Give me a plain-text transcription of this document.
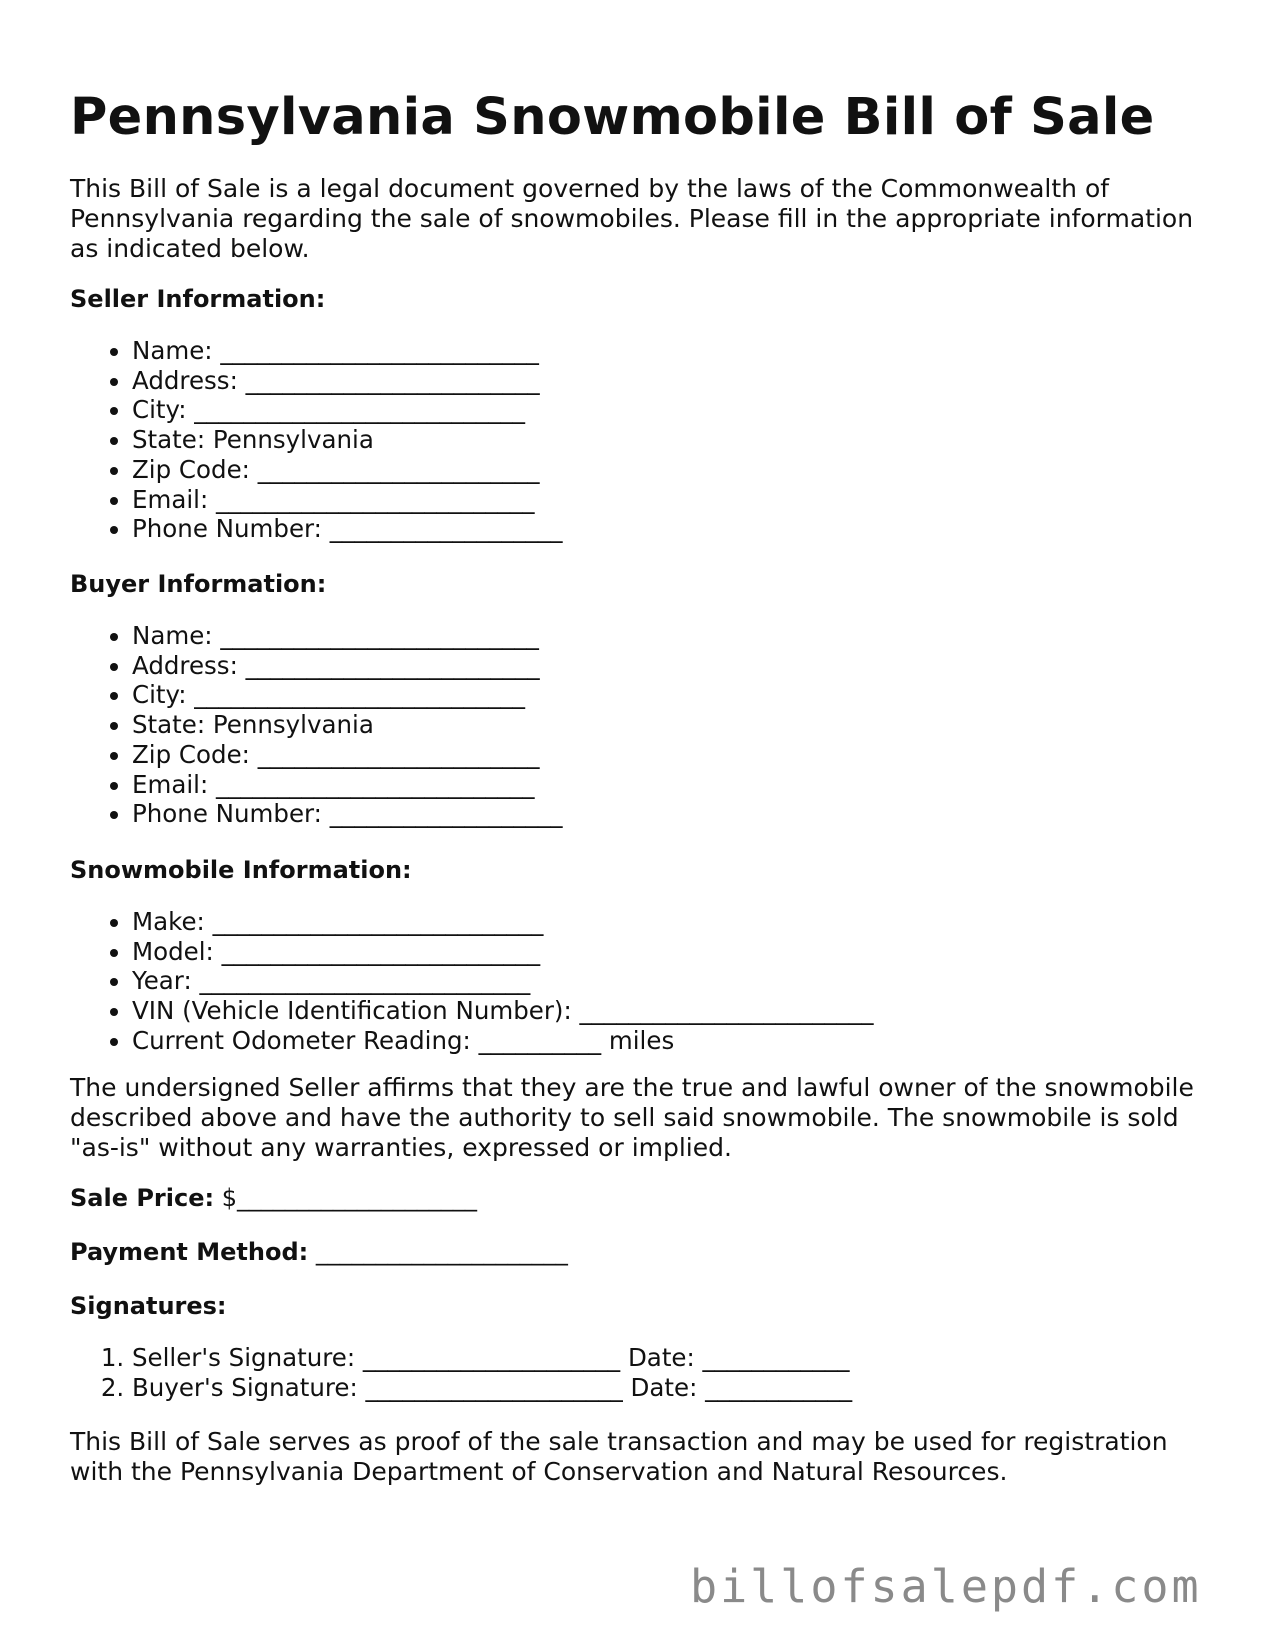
Pennsylvania Snowmobile Bill of Sale

This Bill of Sale is a legal document governed by the laws of the Commonwealth of Pennsylvania regarding the sale of snowmobiles. Please fill in the appropriate information as indicated below.

Seller Information:

• Name: __________________________
• Address: ________________________
• City: ___________________________
• State: Pennsylvania
• Zip Code: _______________________
• Email: __________________________
• Phone Number: ___________________

Buyer Information:

• Name: __________________________
• Address: ________________________
• City: ___________________________
• State: Pennsylvania
• Zip Code: _______________________
• Email: __________________________
• Phone Number: ___________________

Snowmobile Information:

• Make: ___________________________
• Model: __________________________
• Year: ___________________________
• VIN (Vehicle Identification Number): ________________________
• Current Odometer Reading: __________ miles

The undersigned Seller affirms that they are the true and lawful owner of the snowmobile described above and have the authority to sell said snowmobile. The snowmobile is sold "as-is" without any warranties, expressed or implied.

Sale Price: $____________________

Payment Method: _____________________

Signatures:

1. Seller's Signature: _____________________ Date: ____________
2. Buyer's Signature: _____________________ Date: ____________

This Bill of Sale serves as proof of the sale transaction and may be used for registration with the Pennsylvania Department of Conservation and Natural Resources.

billofsalepdf.com
